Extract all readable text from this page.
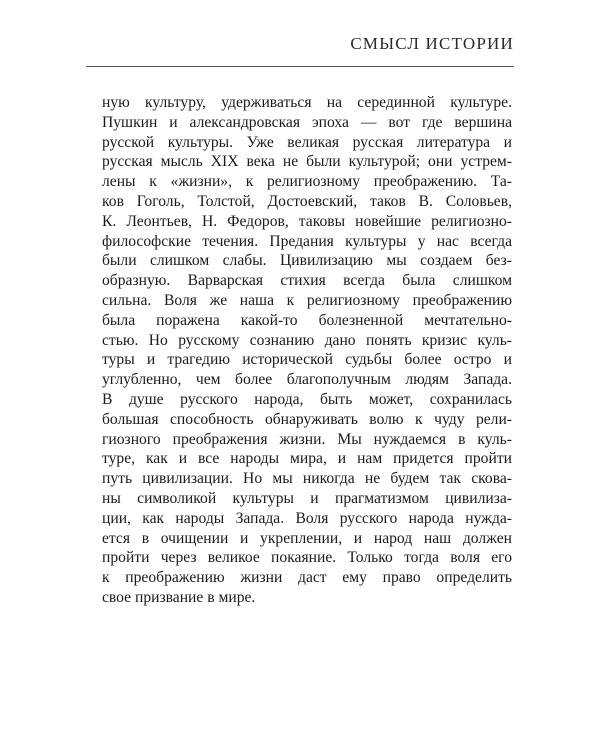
СМЫСЛ ИСТОРИИ
ную культуру, удерживаться на серединной культуре.
Пушкин и александровская эпоха — вот где вершина
русской культуры. Уже великая русская литература и
русская мысль XIX века не были культурой; они устрем-
лены к «жизни», к религиозному преображению. Та-
ков Гоголь, Толстой, Достоевский, таков В. Соловьев,
К. Леонтьев, Н. Федоров, таковы новейшие религиозно-
философские течения. Предания культуры у нас всегда
были слишком слабы. Цивилизацию мы создаем без-
образную. Варварская стихия всегда была слишком
сильна. Воля же наша к религиозному преображению
была поражена какой-то болезненной мечтательно-
стью. Но русскому сознанию дано понять кризис куль-
туры и трагедию исторической судьбы более остро и
углубленно, чем более благополучным людям Запада.
В душе русского народа, быть может, сохранилась
большая способность обнаруживать волю к чуду рели-
гиозного преображения жизни. Мы нуждаемся в куль-
туре, как и все народы мира, и нам придется пройти
путь цивилизации. Но мы никогда не будем так скова-
ны символикой культуры и прагматизмом цивилиза-
ции, как народы Запада. Воля русского народа нужда-
ется в очищении и укреплении, и народ наш должен
пройти через великое покаяние. Только тогда воля его
к преображению жизни даст ему право определить
свое призвание в мире.
